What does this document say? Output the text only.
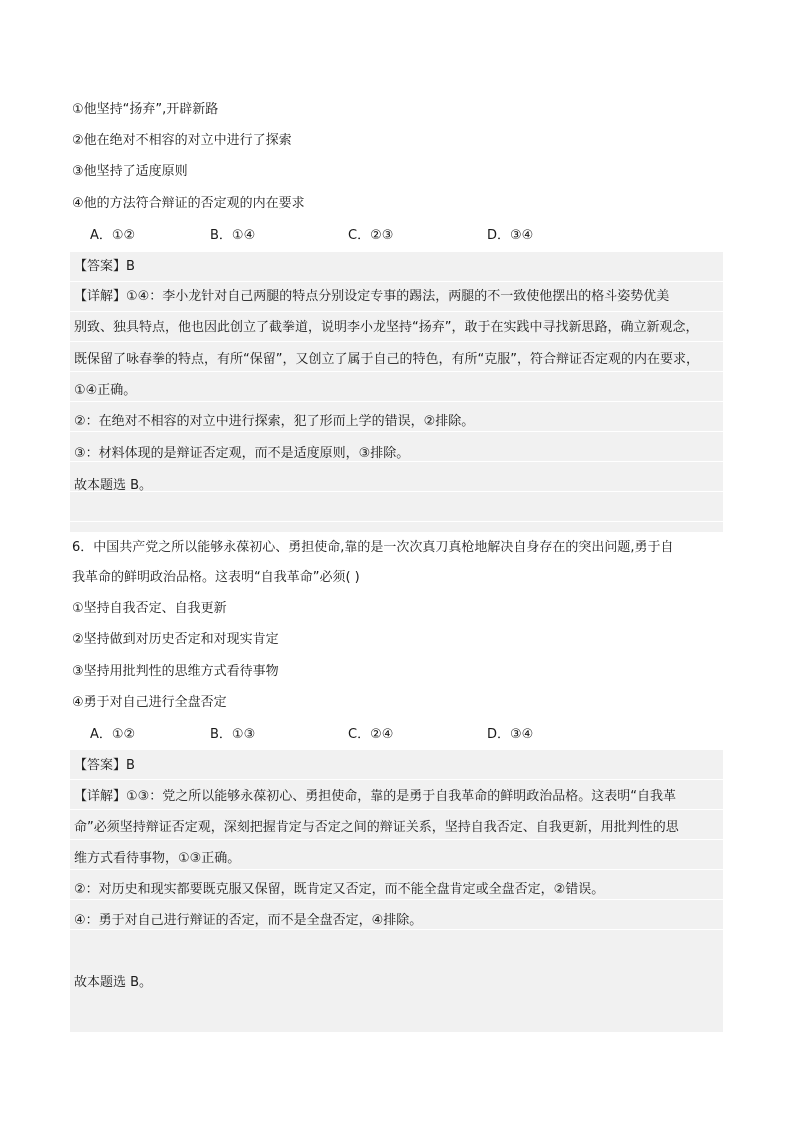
①他坚持“扬弃”,开辟新路
②他在绝对不相容的对立中进行了探索
③他坚持了适度原则
④他的方法符合辩证的否定观的内在要求
A．①②	B．①④	C．②③	D．③④
【答案】B
【详解】①④：李小龙针对自己两腿的特点分别设定专事的踢法，两腿的不一致使他摆出的格斗姿势优美
别致、独具特点，他也因此创立了截拳道，说明李小龙坚持“扬弃”，敢于在实践中寻找新思路，确立新观念，
既保留了咏春拳的特点，有所“保留”，又创立了属于自己的特色，有所“克服”，符合辩证否定观的内在要求，
①④正确。
②：在绝对不相容的对立中进行探索，犯了形而上学的错误，②排除。
③：材料体现的是辩证否定观，而不是适度原则，③排除。
故本题选 B。
6．中国共产党之所以能够永葆初心、勇担使命,靠的是一次次真刀真枪地解决自身存在的突出问题,勇于自
我革命的鲜明政治品格。这表明“自我革命”必须( )
①坚持自我否定、自我更新
②坚持做到对历史否定和对现实肯定
③坚持用批判性的思维方式看待事物
④勇于对自己进行全盘否定
A．①②	B．①③	C．②④	D．③④
【答案】B
【详解】①③：党之所以能够永葆初心、勇担使命，靠的是勇于自我革命的鲜明政治品格。这表明“自我革
命”必须坚持辩证否定观，深刻把握肯定与否定之间的辩证关系，坚持自我否定、自我更新，用批判性的思
维方式看待事物，①③正确。
②：对历史和现实都要既克服又保留，既肯定又否定，而不能全盘肯定或全盘否定，②错误。
④：勇于对自己进行辩证的否定，而不是全盘否定，④排除。
故本题选 B。
